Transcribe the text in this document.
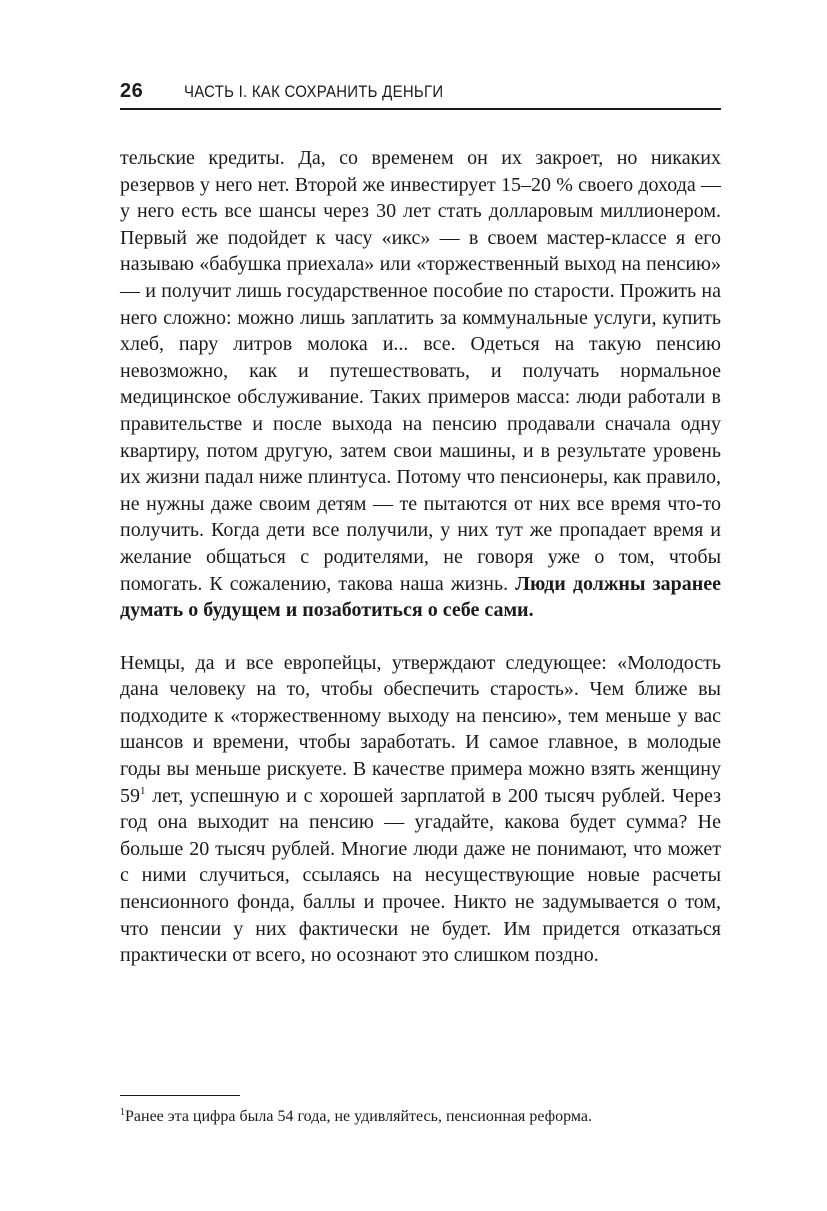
26 ЧАСТЬ I. КАК СОХРАНИТЬ ДЕНЬГИ

тельские кредиты. Да, со временем он их закроет, но никаких резервов у него нет. Второй же инвестирует 15–20 % своего дохода — у него есть все шансы через 30 лет стать долларовым миллионером. Первый же подойдет к часу «икс» — в своем мастер-классе я его называю «бабушка приехала» или «торжественный выход на пенсию» — и получит лишь государственное пособие по старости. Прожить на него сложно: можно лишь заплатить за коммунальные услуги, купить хлеб, пару литров молока и... все. Одеться на такую пенсию невозможно, как и путешествовать, и получать нормальное медицинское обслуживание. Таких примеров масса: люди работали в правительстве и после выхода на пенсию продавали сначала одну квартиру, потом другую, затем свои машины, и в результате уровень их жизни падал ниже плинтуса. Потому что пенсионеры, как правило, не нужны даже своим детям — те пытаются от них все время что-то получить. Когда дети все получили, у них тут же пропадает время и желание общаться с родителями, не говоря уже о том, чтобы помогать. К сожалению, такова наша жизнь. Люди должны заранее думать о будущем и позаботиться о себе сами.

Немцы, да и все европейцы, утверждают следующее: «Молодость дана человеку на то, чтобы обеспечить старость». Чем ближе вы подходите к «торжественному выходу на пенсию», тем меньше у вас шансов и времени, чтобы заработать. И самое главное, в молодые годы вы меньше рискуете. В качестве примера можно взять женщину 59$^1$ лет, успешную и с хорошей зарплатой в 200 тысяч рублей. Через год она выходит на пенсию — угадайте, какова будет сумма? Не больше 20 тысяч рублей. Многие люди даже не понимают, что может с ними случиться, ссылаясь на несуществующие новые расчеты пенсионного фонда, баллы и прочее. Никто не задумывается о том, что пенсии у них фактически не будет. Им придется отказаться практически от всего, но осознают это слишком поздно.

$^1$Ранее эта цифра была 54 года, не удивляйтесь, пенсионная реформа.
